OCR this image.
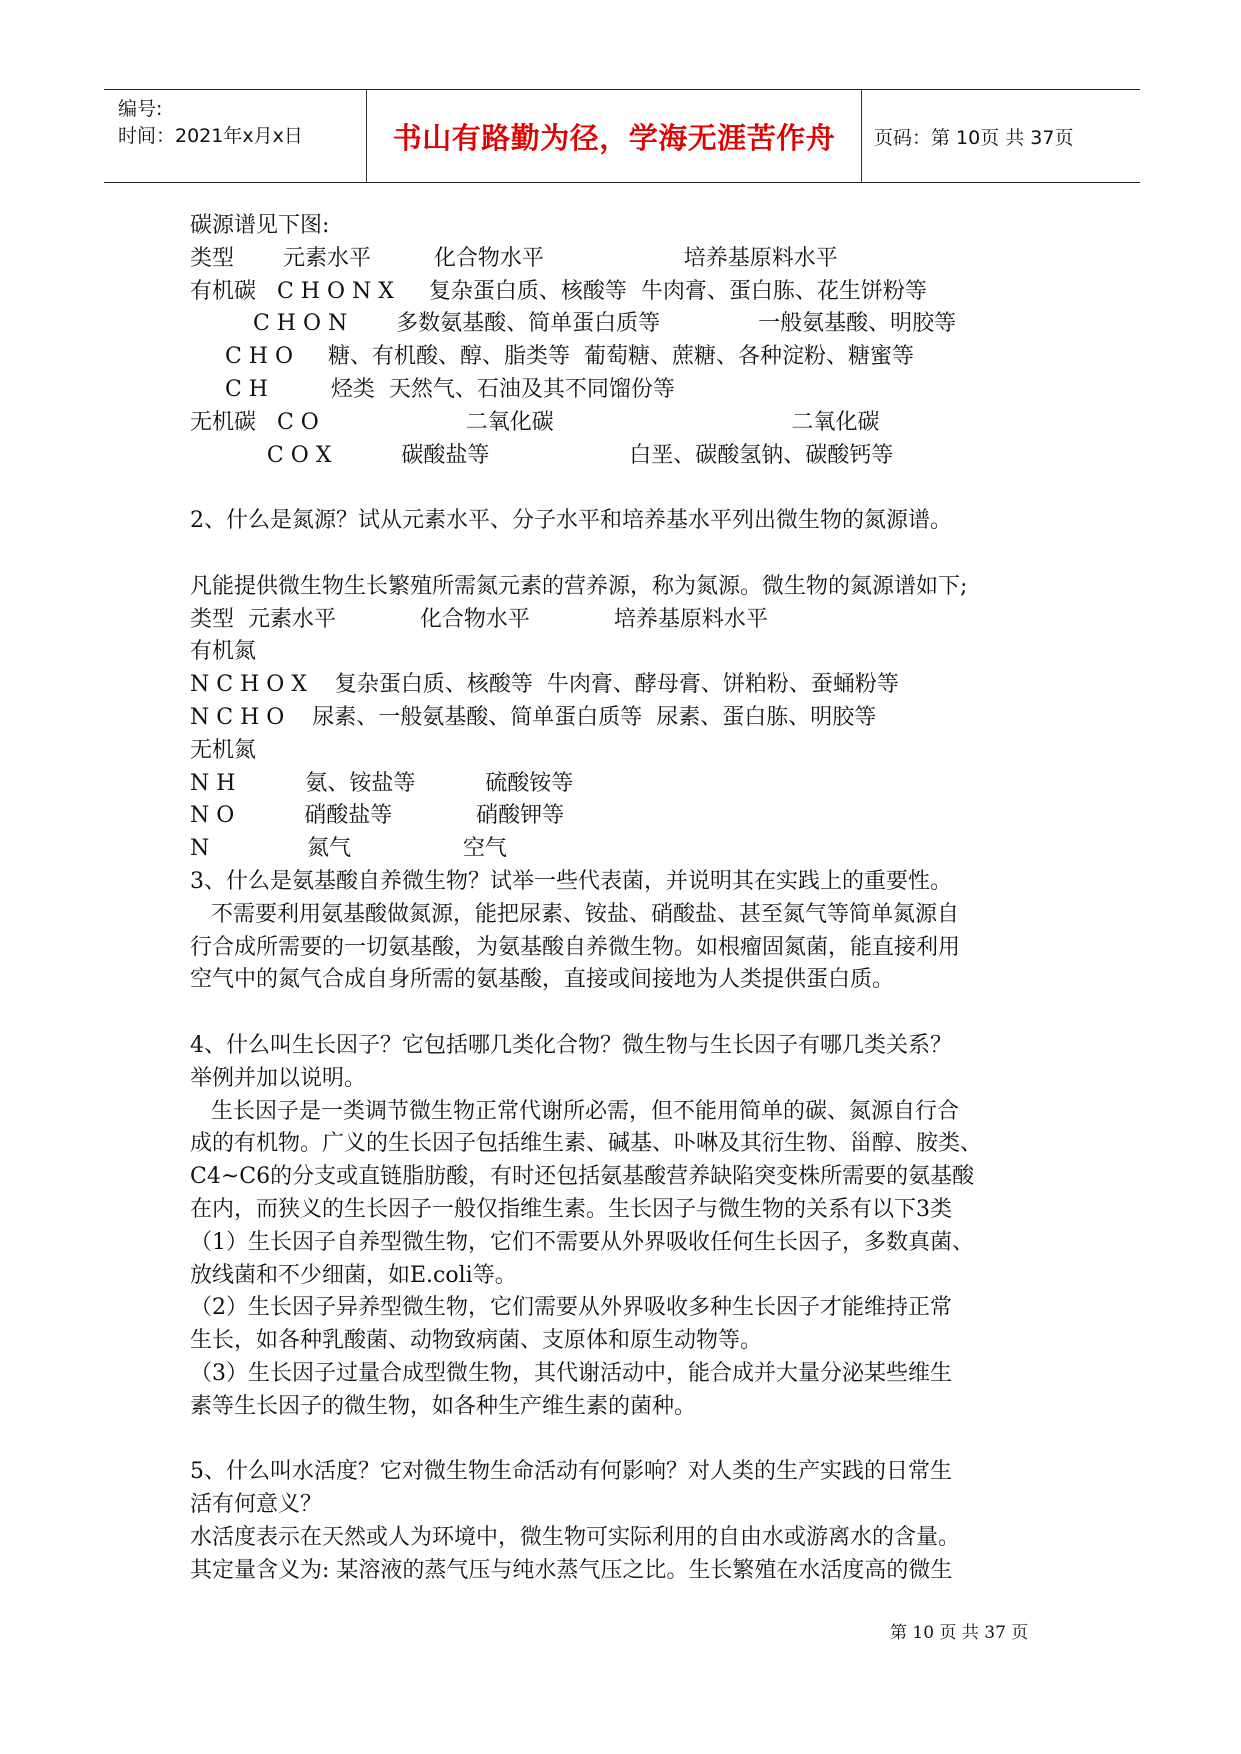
编号:
时间：2021年x月x日	书山有路勤为径，学海无涯苦作舟 页码：第 10页 共 37页
碳源谱见下图:
类型       元素水平         化合物水平                    培养基原料水平
有机碳   C H O N X     复杂蛋白质、核酸等  牛肉膏、蛋白胨、花生饼粉等
C H O N       多数氨基酸、简单蛋白质等              一般氨基酸、明胶等
C H O     糖、有机酸、醇、脂类等  葡萄糖、蔗糖、各种淀粉、糖蜜等
C H         烃类  天然气、石油及其不同馏份等
无机碳   C O                     二氧化碳                                  二氧化碳
C O X          碳酸盐等                    白垩、碳酸氢钠、碳酸钙等
2、什么是氮源？试从元素水平、分子水平和培养基水平列出微生物的氮源谱。
凡能提供微生物生长繁殖所需氮元素的营养源，称为氮源。微生物的氮源谱如下;
类型  元素水平            化合物水平            培养基原料水平
有机氮
N C H O X    复杂蛋白质、核酸等  牛肉膏、酵母膏、饼粕粉、蚕蛹粉等
N C H O    尿素、一般氨基酸、简单蛋白质等  尿素、蛋白胨、明胶等
无机氮
N H          氨、铵盐等          硫酸铵等
N O          硝酸盐等            硝酸钾等
N              氮气                空气
3、什么是氨基酸自养微生物？试举一些代表菌，并说明其在实践上的重要性。
不需要利用氨基酸做氮源，能把尿素、铵盐、硝酸盐、甚至氮气等简单氮源自
行合成所需要的一切氨基酸，为氨基酸自养微生物。如根瘤固氮菌，能直接利用
空气中的氮气合成自身所需的氨基酸，直接或间接地为人类提供蛋白质。
4、什么叫生长因子？它包括哪几类化合物？微生物与生长因子有哪几类关系？
举例并加以说明。
生长因子是一类调节微生物正常代谢所必需，但不能用简单的碳、氮源自行合
成的有机物。广义的生长因子包括维生素、碱基、卟啉及其衍生物、甾醇、胺类、
C4~C6的分支或直链脂肪酸，有时还包括氨基酸营养缺陷突变株所需要的氨基酸
在内，而狭义的生长因子一般仅指维生素。生长因子与微生物的关系有以下3类
（1）生长因子自养型微生物，它们不需要从外界吸收任何生长因子，多数真菌、
放线菌和不少细菌，如E.coli等。
（2）生长因子异养型微生物，它们需要从外界吸收多种生长因子才能维持正常
生长，如各种乳酸菌、动物致病菌、支原体和原生动物等。
（3）生长因子过量合成型微生物，其代谢活动中，能合成并大量分泌某些维生
素等生长因子的微生物，如各种生产维生素的菌种。
5、什么叫水活度？它对微生物生命活动有何影响？对人类的生产实践的日常生
活有何意义？
水活度表示在天然或人为环境中，微生物可实际利用的自由水或游离水的含量。
其定量含义为: 某溶液的蒸气压与纯水蒸气压之比。生长繁殖在水活度高的微生
第 10 页 共 37 页
